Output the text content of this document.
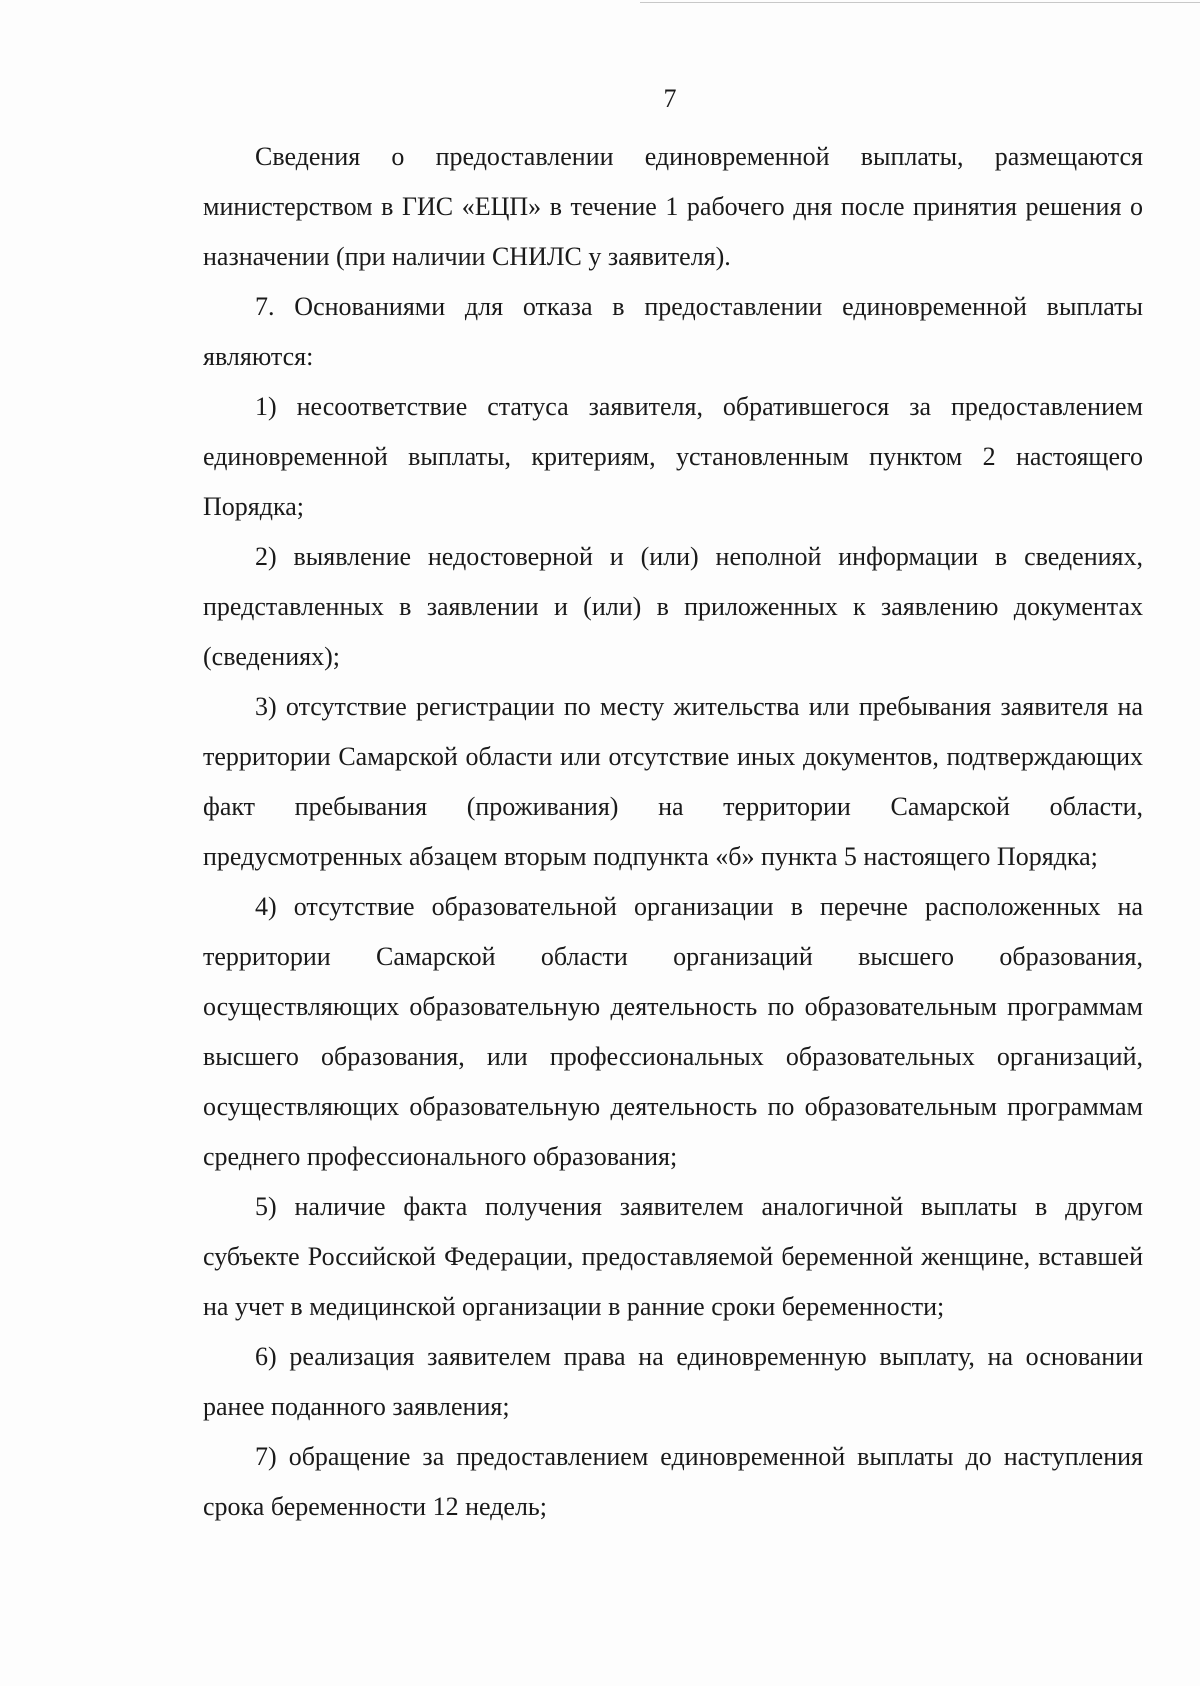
7

Сведения о предоставлении единовременной выплаты, размещаются министерством в ГИС «ЕЦП» в течение 1 рабочего дня после принятия решения о назначении (при наличии СНИЛС у заявителя).

7. Основаниями для отказа в предоставлении единовременной выплаты являются:

1) несоответствие статуса заявителя, обратившегося за предоставлением единовременной выплаты, критериям, установленным пунктом 2 настоящего Порядка;

2) выявление недостоверной и (или) неполной информации в сведениях, представленных в заявлении и (или) в приложенных к заявлению документах (сведениях);

3) отсутствие регистрации по месту жительства или пребывания заявителя на территории Самарской области или отсутствие иных документов, подтверждающих факт пребывания (проживания) на территории Самарской области, предусмотренных абзацем вторым подпункта «б» пункта 5 настоящего Порядка;

4) отсутствие образовательной организации в перечне расположенных на территории Самарской области организаций высшего образования, осуществляющих образовательную деятельность по образовательным программам высшего образования, или профессиональных образовательных организаций, осуществляющих образовательную деятельность по образовательным программам среднего профессионального образования;

5) наличие факта получения заявителем аналогичной выплаты в другом субъекте Российской Федерации, предоставляемой беременной женщине, вставшей на учет в медицинской организации в ранние сроки беременности;

6) реализация заявителем права на единовременную выплату, на основании ранее поданного заявления;

7) обращение за предоставлением единовременной выплаты до наступления срока беременности 12 недель;
